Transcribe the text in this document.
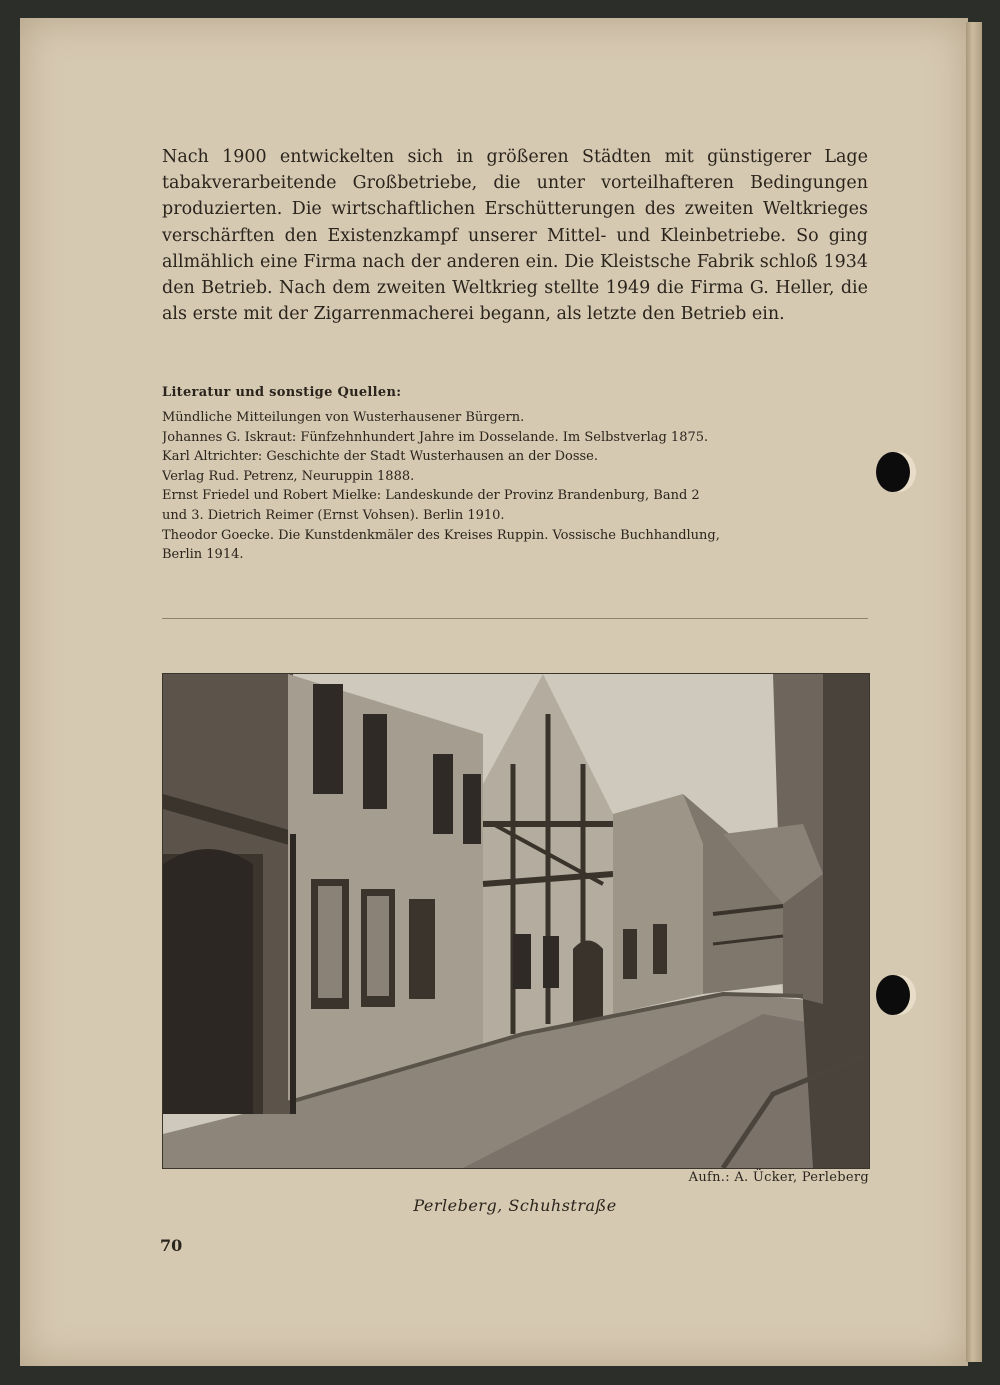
Nach 1900 entwickelten sich in größeren Städten mit günstigerer Lage tabakverarbeitende Großbetriebe, die unter vorteilhafteren Bedingungen produzierten. Die wirtschaftlichen Erschütterungen des zweiten Weltkrieges verschärften den Existenzkampf unserer Mittel- und Kleinbetriebe. So ging allmählich eine Firma nach der anderen ein. Die Kleistsche Fabrik schloß 1934 den Betrieb. Nach dem zweiten Weltkrieg stellte 1949 die Firma G. Heller, die als erste mit der Zigarrenmacherei begann, als letzte den Betrieb ein.

Literatur und sonstige Quellen:
Mündliche Mitteilungen von Wusterhausener Bürgern.
Johannes G. Iskraut: Fünfzehnhundert Jahre im Dosselande. Im Selbstverlag 1875.
Karl Altrichter: Geschichte der Stadt Wusterhausen an der Dosse.
Verlag Rud. Petrenz, Neuruppin 1888.
Ernst Friedel und Robert Mielke: Landeskunde der Provinz Brandenburg, Band 2
und 3. Dietrich Reimer (Ernst Vohsen). Berlin 1910.
Theodor Goecke. Die Kunstdenkmäler des Kreises Ruppin. Vossische Buchhandlung,
Berlin 1914.
Aufn.: A. Ücker, Perleberg
Perleberg, Schuhstraße
70
